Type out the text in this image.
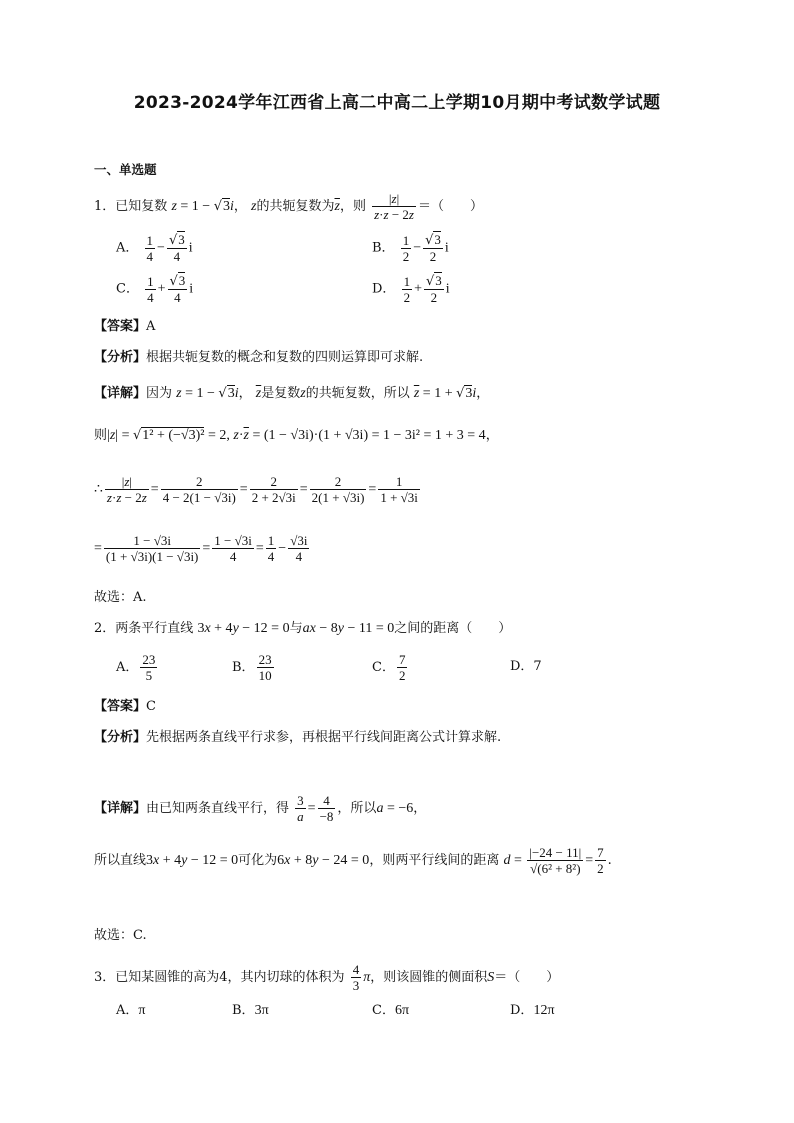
2023-2024学年江西省上高二中高二上学期10月期中考试数学试题
一、单选题
1．已知复数 z = 1 − √3i， z的共轭复数为$\overline{z}$，则 $\frac{|z|}{z\cdot\overline{z} - 2z}$ ＝（　　）
A． $\frac{1}{4} - \frac{√3}{4}$ i	B． $\frac{1}{2} - \frac{√3}{2}$ i
C． $\frac{1}{4} + \frac{√3}{4}$ i	D． $\frac{1}{2} + \frac{√3}{2}$ i
【答案】A
【分析】根据共轭复数的概念和复数的四则运算即可求解.
【详解】因为 z = 1 − √3i， $\overline{z}$是复数z的共轭复数，所以 $\overline{z} = 1 + √3i$，
则|z| = √1² + (−√3)² = 2, $z\cdot\overline{z} = (1 - √3i)\cdot(1 + √3i) = 1 - 3i^2 = 1 + 3 = 4$，
∴ $\frac{|z|}{z\cdot\overline{z} - 2z} = \frac{2}{4 - 2(1 - √3i)} = \frac{2}{2 + 2√3i} = \frac{2}{2(1 + √3i)} = \frac{1}{1 + √3i}$
= $\frac{1 - √3i}{(1 + √3i)(1 - √3i)} = \frac{1 - √3i}{4} = \frac{1}{4} - \frac{√3i}{4}$
故选：A.
2．两条平行直线 3x + 4y − 12 = 0与ax − 8y − 11 = 0之间的距离（　　）
A． $\frac{23}{5}$	B． $\frac{23}{10}$	C． $\frac{7}{2}$	D．7
【答案】C
【分析】先根据两条直线平行求参，再根据平行线间距离公式计算求解.
【详解】由已知两条直线平行，得 $\frac{3}{a} = \frac{4}{-8}$ ，所以a = −6，
所以直线3x + 4y − 12 = 0可化为6x + 8y − 24 = 0，则两平行线间的距离 $d = \frac{|-24 - 11|}{\text{√(6² + 8²)}} = \frac{7}{2}$ .
故选：C.
3．已知某圆锥的高为4，其内切球的体积为 $\frac{4}{3}$ π，则该圆锥的侧面积S＝（　　）
A．π	B．3π	C．6π	D．12π
